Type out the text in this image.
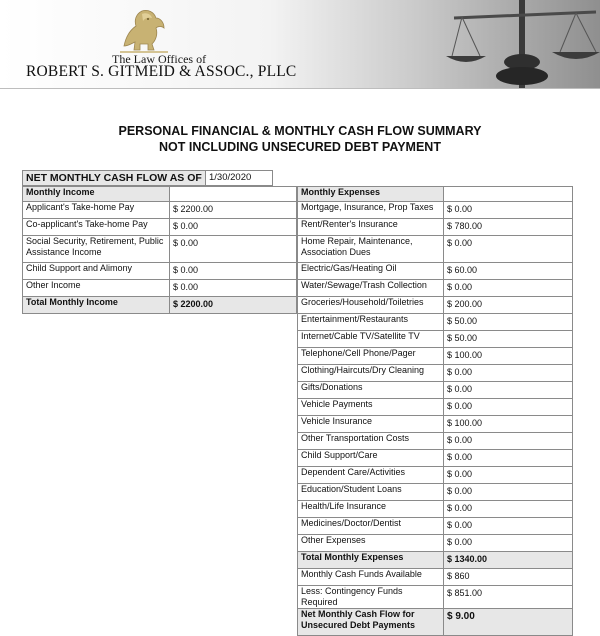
The Law Offices of
ROBERT S. GITMEID & ASSOC., PLLC
PERSONAL FINANCIAL & MONTHLY CASH FLOW SUMMARY
NOT INCLUDING UNSECURED DEBT PAYMENT
NET MONTHLY CASH FLOW AS OF	1/30/2020
Monthly Income	
Applicant's Take-home Pay	$ 2200.00
Co-applicant's Take-home Pay	$ 0.00
Social Security, Retirement, Public Assistance Income	$ 0.00
Child Support and Alimony	$ 0.00
Other Income	$ 0.00
Total Monthly Income	$ 2200.00
Monthly Expenses	
Mortgage, Insurance, Prop Taxes	$ 0.00
Rent/Renter's Insurance	$ 780.00
Home Repair, Maintenance, Association Dues	$ 0.00
Electric/Gas/Heating Oil	$ 60.00
Water/Sewage/Trash Collection	$ 0.00
Groceries/Household/Toiletries	$ 200.00
Entertainment/Restaurants	$ 50.00
Internet/Cable TV/Satellite TV	$ 50.00
Telephone/Cell Phone/Pager	$ 100.00
Clothing/Haircuts/Dry Cleaning	$ 0.00
Gifts/Donations	$ 0.00
Vehicle Payments	$ 0.00
Vehicle Insurance	$ 100.00
Other Transportation Costs	$ 0.00
Child Support/Care	$ 0.00
Dependent Care/Activities	$ 0.00
Education/Student Loans	$ 0.00
Health/Life Insurance	$ 0.00
Medicines/Doctor/Dentist	$ 0.00
Other Expenses	$ 0.00
Total Monthly Expenses	$ 1340.00
Monthly Cash Funds Available	$ 860
Less: Contingency Funds Required	$ 851.00
Net Monthly Cash Flow for Unsecured Debt Payments	$ 9.00
